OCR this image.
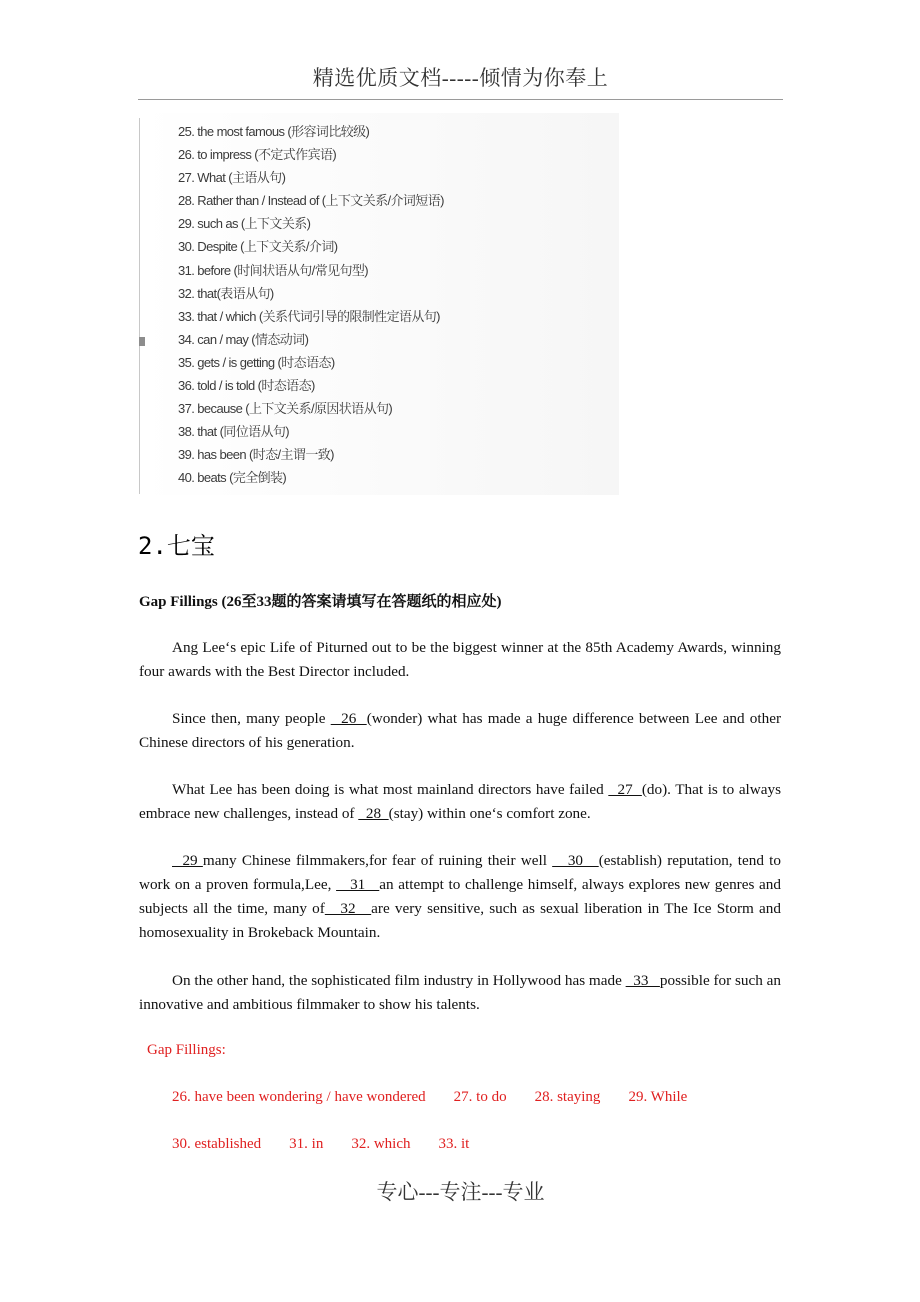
精选优质文档-----倾情为你奉上
25. the most famous (形容词比较级)
26. to impress (不定式作宾语)
27. What (主语从句)
28. Rather than / Instead of (上下文关系/介词短语)
29. such as (上下文关系)
30. Despite (上下文关系/介词)
31. before (时间状语从句/常见句型)
32. that(表语从句)
33. that / which (关系代词引导的限制性定语从句)
34. can / may (情态动词)
35. gets / is getting (时态语态)
36. told / is told (时态语态)
37. because (上下文关系/原因状语从句)
38. that (同位语从句)
39. has been (时态/主谓一致)
40. beats (完全倒装)
2.七宝
Gap Fillings (26至33题的答案请填写在答题纸的相应处)
Ang Lee‘s epic Life of Piturned out to be the biggest winner at the 85th Academy Awards, winning four awards with the Best Director included.
Since then, many people   26  (wonder) what has made a huge difference between Lee and other Chinese directors of his generation.
What Lee has been doing is what most mainland directors have failed   27  (do). That is to always embrace new challenges, instead of   28  (stay) within one‘s comfort zone.
29 many Chinese filmmakers,for fear of ruining their well    30   (establish) reputation, tend to work on a proven formula,Lee,    31   an attempt to challenge himself, always explores new genres and subjects all the time, many of   32   are very sensitive, such as sexual liberation in The Ice Storm and homosexuality in Brokeback Mountain.
On the other hand, the sophisticated film industry in Hollywood has made   33   possible for such an innovative and ambitious filmmaker to show his talents.
Gap Fillings:
26. have been wondering / have wondered 27. to do 28. staying 29. While
30. established 31. in 32. which 33. it
专心---专注---专业
